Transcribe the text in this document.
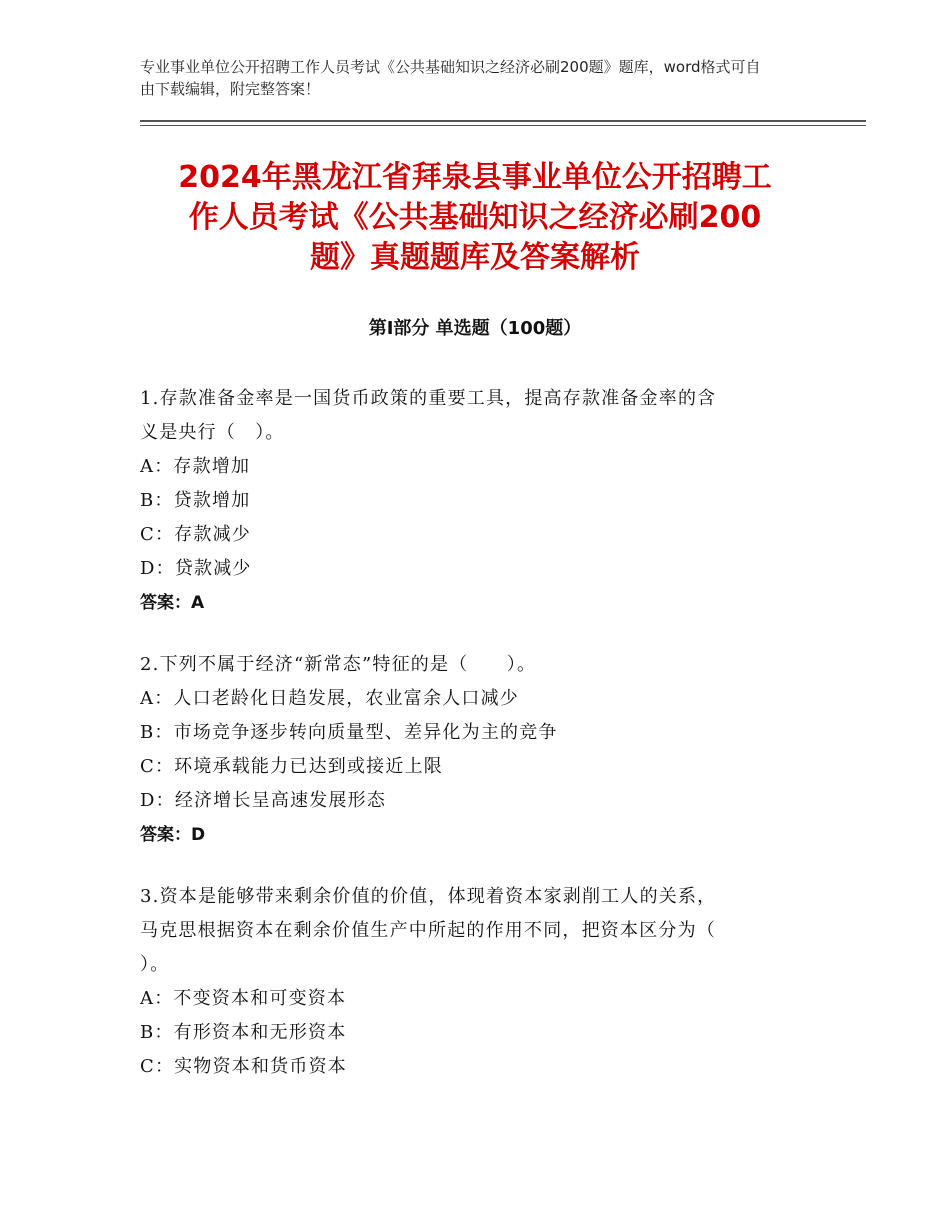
专业事业单位公开招聘工作人员考试《公共基础知识之经济必刷200题》题库，word格式可自由下载编辑，附完整答案！
2024年黑龙江省拜泉县事业单位公开招聘工
作人员考试《公共基础知识之经济必刷200
题》真题题库及答案解析
第Ⅰ部分 单选题（100题）
1.存款准备金率是一国货币政策的重要工具，提高存款准备金率的含
义是央行（　）。
A：存款增加
B：贷款增加
C：存款减少
D：贷款减少
答案：A
2.下列不属于经济“新常态”特征的是（　　）。
A：人口老龄化日趋发展，农业富余人口减少
B：市场竞争逐步转向质量型、差异化为主的竞争
C：环境承载能力已达到或接近上限
D：经济增长呈高速发展形态
答案：D
3.资本是能够带来剩余价值的价值，体现着资本家剥削工人的关系，
马克思根据资本在剩余价值生产中所起的作用不同，把资本区分为（
）。
A：不变资本和可变资本
B：有形资本和无形资本
C：实物资本和货币资本
